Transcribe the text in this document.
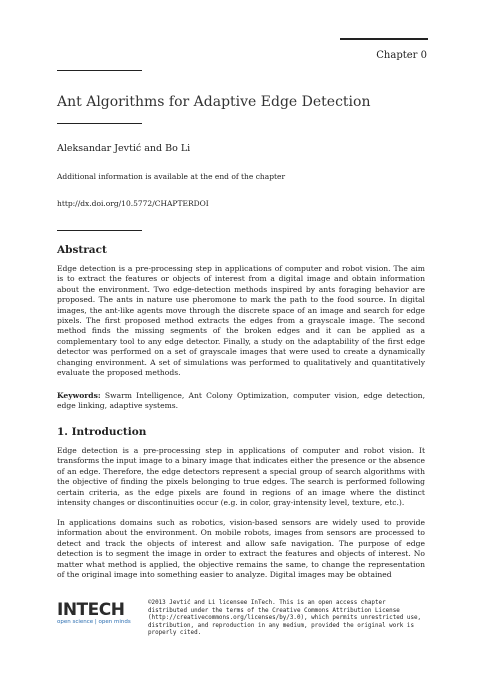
Chapter 0
Ant Algorithms for Adaptive Edge Detection
Aleksandar Jevtić and Bo Li
Additional information is available at the end of the chapter
http://dx.doi.org/10.5772/CHAPTERDOI
Abstract

Edge detection is a pre-processing step in applications of computer and robot vision. The aim is to extract the features or objects of interest from a digital image and obtain information about the environment. Two edge-detection methods inspired by ants foraging behavior are proposed. The ants in nature use pheromone to mark the path to the food source. In digital images, the ant-like agents move through the discrete space of an image and search for edge pixels. The first proposed method extracts the edges from a grayscale image. The second method finds the missing segments of the broken edges and it can be applied as a complementary tool to any edge detector. Finally, a study on the adaptability of the first edge detector was performed on a set of grayscale images that were used to create a dynamically changing environment. A set of simulations was performed to qualitatively and quantitatively evaluate the proposed methods.

Keywords: Swarm Intelligence, Ant Colony Optimization, computer vision, edge detection, edge linking, adaptive systems.

1. Introduction

Edge detection is a pre-processing step in applications of computer and robot vision. It transforms the input image to a binary image that indicates either the presence or the absence of an edge. Therefore, the edge detectors represent a special group of search algorithms with the objective of finding the pixels belonging to true edges. The search is performed following certain criteria, as the edge pixels are found in regions of an image where the distinct intensity changes or discontinuities occur (e.g. in color, gray-intensity level, texture, etc.).

In applications domains such as robotics, vision-based sensors are widely used to provide information about the environment. On mobile robots, images from sensors are processed to detect and track the objects of interest and allow safe navigation. The purpose of edge detection is to segment the image in order to extract the features and objects of interest. No matter what method is applied, the objective remains the same, to change the representation of the original image into something easier to analyze. Digital images may be obtained

INTECH
open science | open minds
©2013 Jevtić and Li licensee InTech. This is an open access chapter distributed under the terms of the Creative Commons Attribution License (http://creativecommons.org/licenses/by/3.0), which permits unrestricted use, distribution, and reproduction in any medium, provided the original work is properly cited.
